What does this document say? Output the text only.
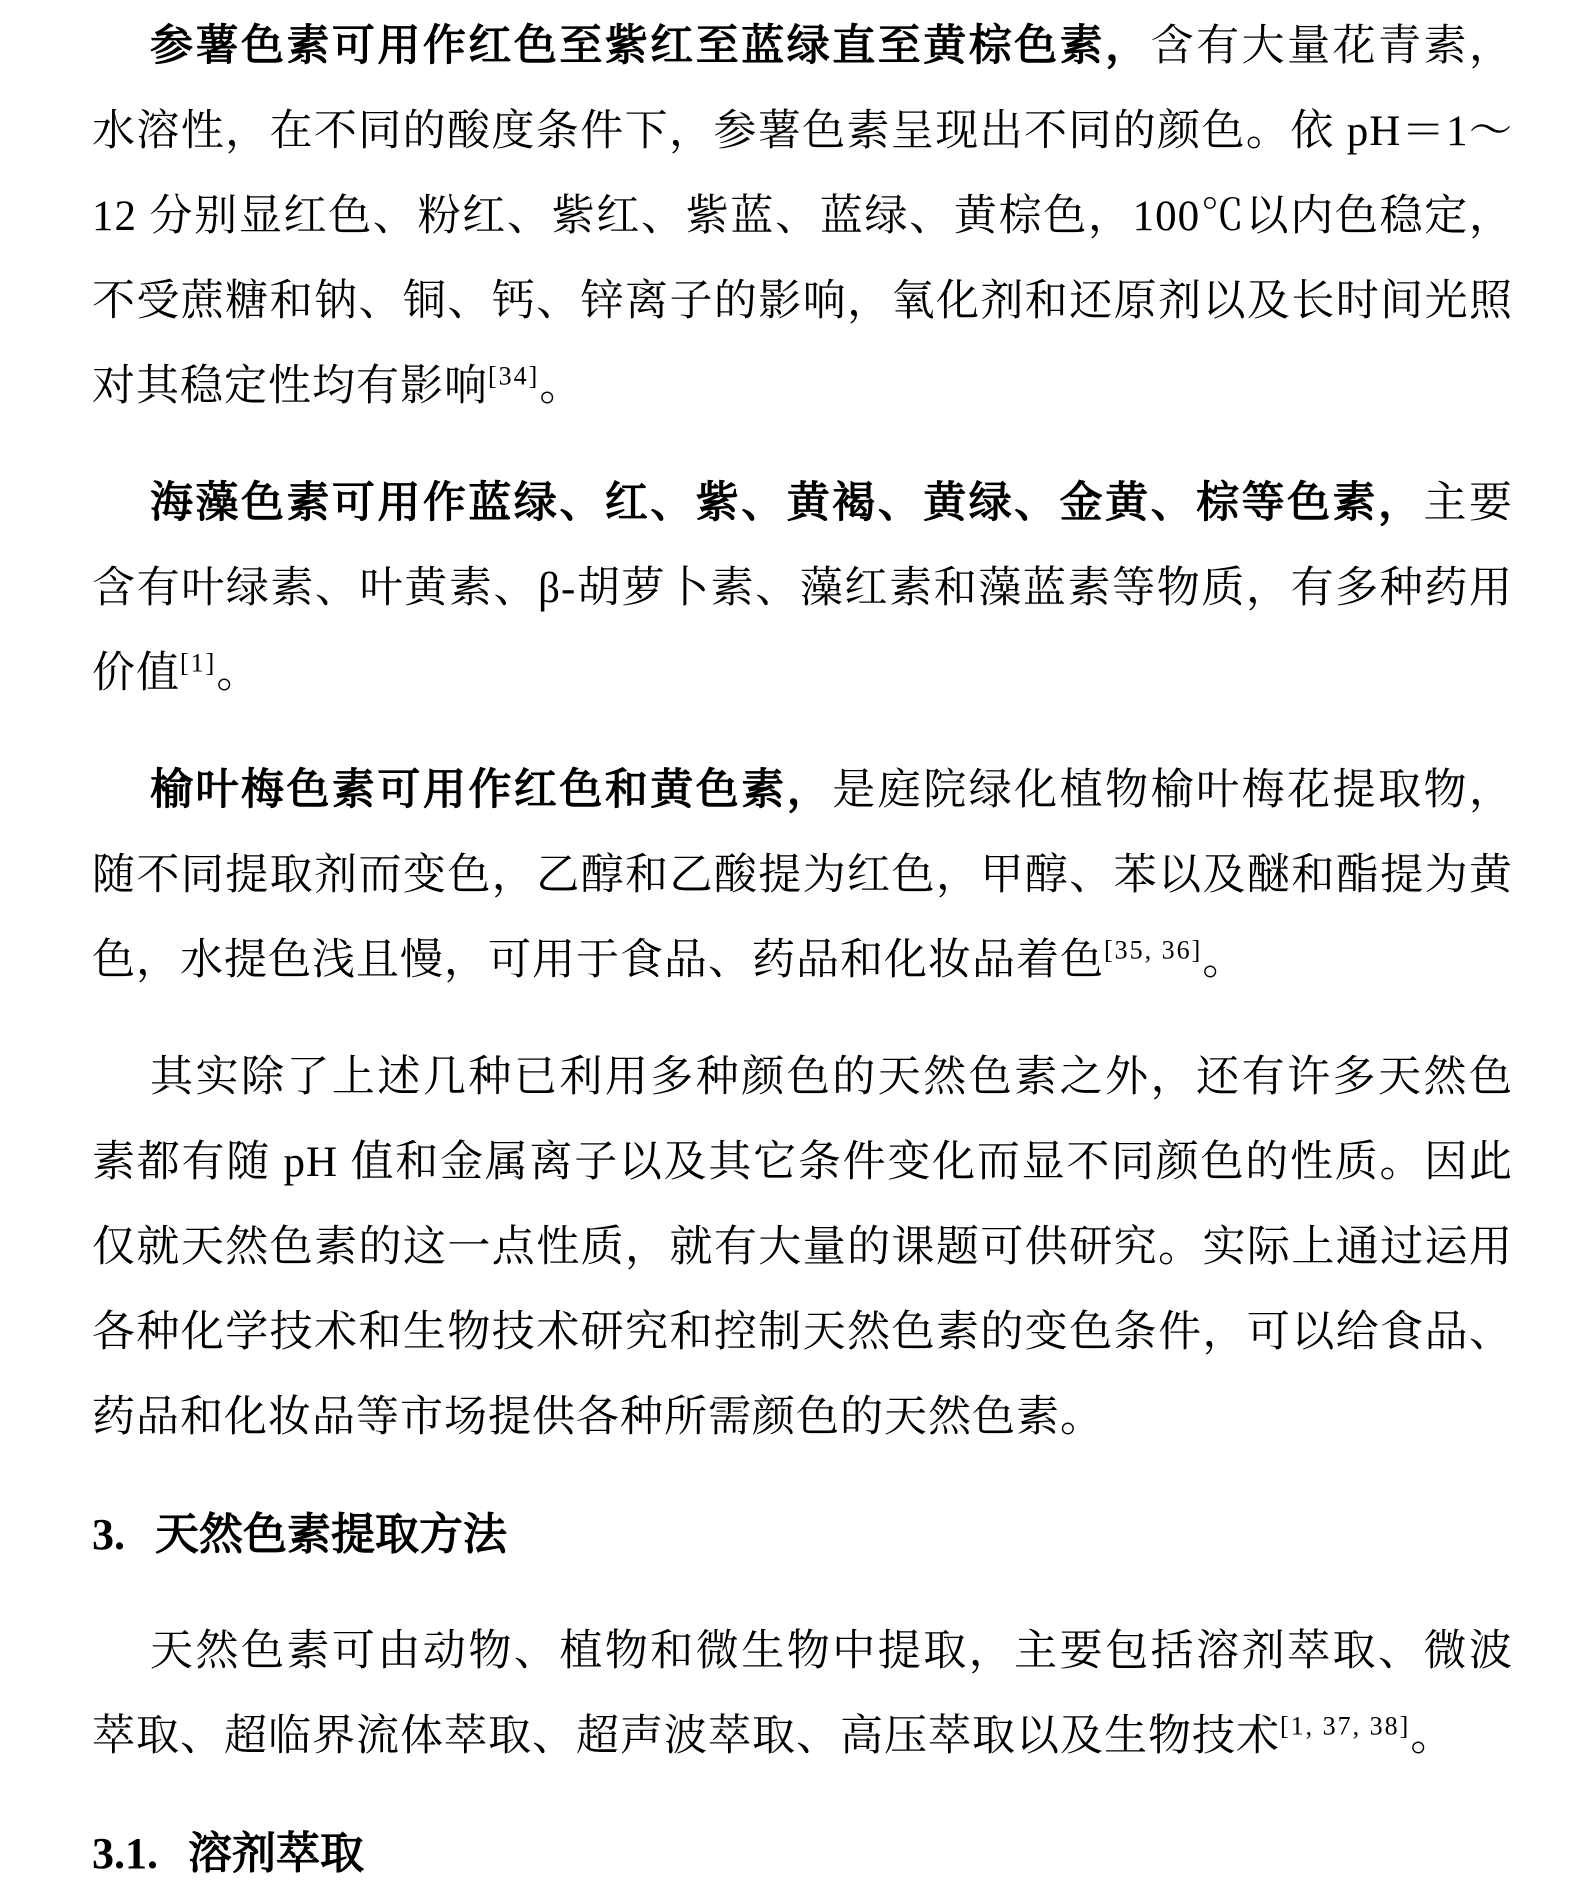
参薯色素可用作红色至紫红至蓝绿直至黄棕色素，含有大量花青素，水溶性，在不同的酸度条件下，参薯色素呈现出不同的颜色。依 pH＝1～12 分别显红色、粉红、紫红、紫蓝、蓝绿、黄棕色，100℃以内色稳定，不受蔗糖和钠、铜、钙、锌离子的影响，氧化剂和还原剂以及长时间光照对其稳定性均有影响[34]。

海藻色素可用作蓝绿、红、紫、黄褐、黄绿、金黄、棕等色素，主要含有叶绿素、叶黄素、β-胡萝卜素、藻红素和藻蓝素等物质，有多种药用价值[1]。

榆叶梅色素可用作红色和黄色素，是庭院绿化植物榆叶梅花提取物，随不同提取剂而变色，乙醇和乙酸提为红色，甲醇、苯以及醚和酯提为黄色，水提色浅且慢，可用于食品、药品和化妆品着色[35, 36]。

其实除了上述几种已利用多种颜色的天然色素之外，还有许多天然色素都有随 pH 值和金属离子以及其它条件变化而显不同颜色的性质。因此仅就天然色素的这一点性质，就有大量的课题可供研究。实际上通过运用各种化学技术和生物技术研究和控制天然色素的变色条件，可以给食品、药品和化妆品等市场提供各种所需颜色的天然色素。

3. 天然色素提取方法

天然色素可由动物、植物和微生物中提取，主要包括溶剂萃取、微波萃取、超临界流体萃取、超声波萃取、高压萃取以及生物技术[1, 37, 38]。

3.1. 溶剂萃取
